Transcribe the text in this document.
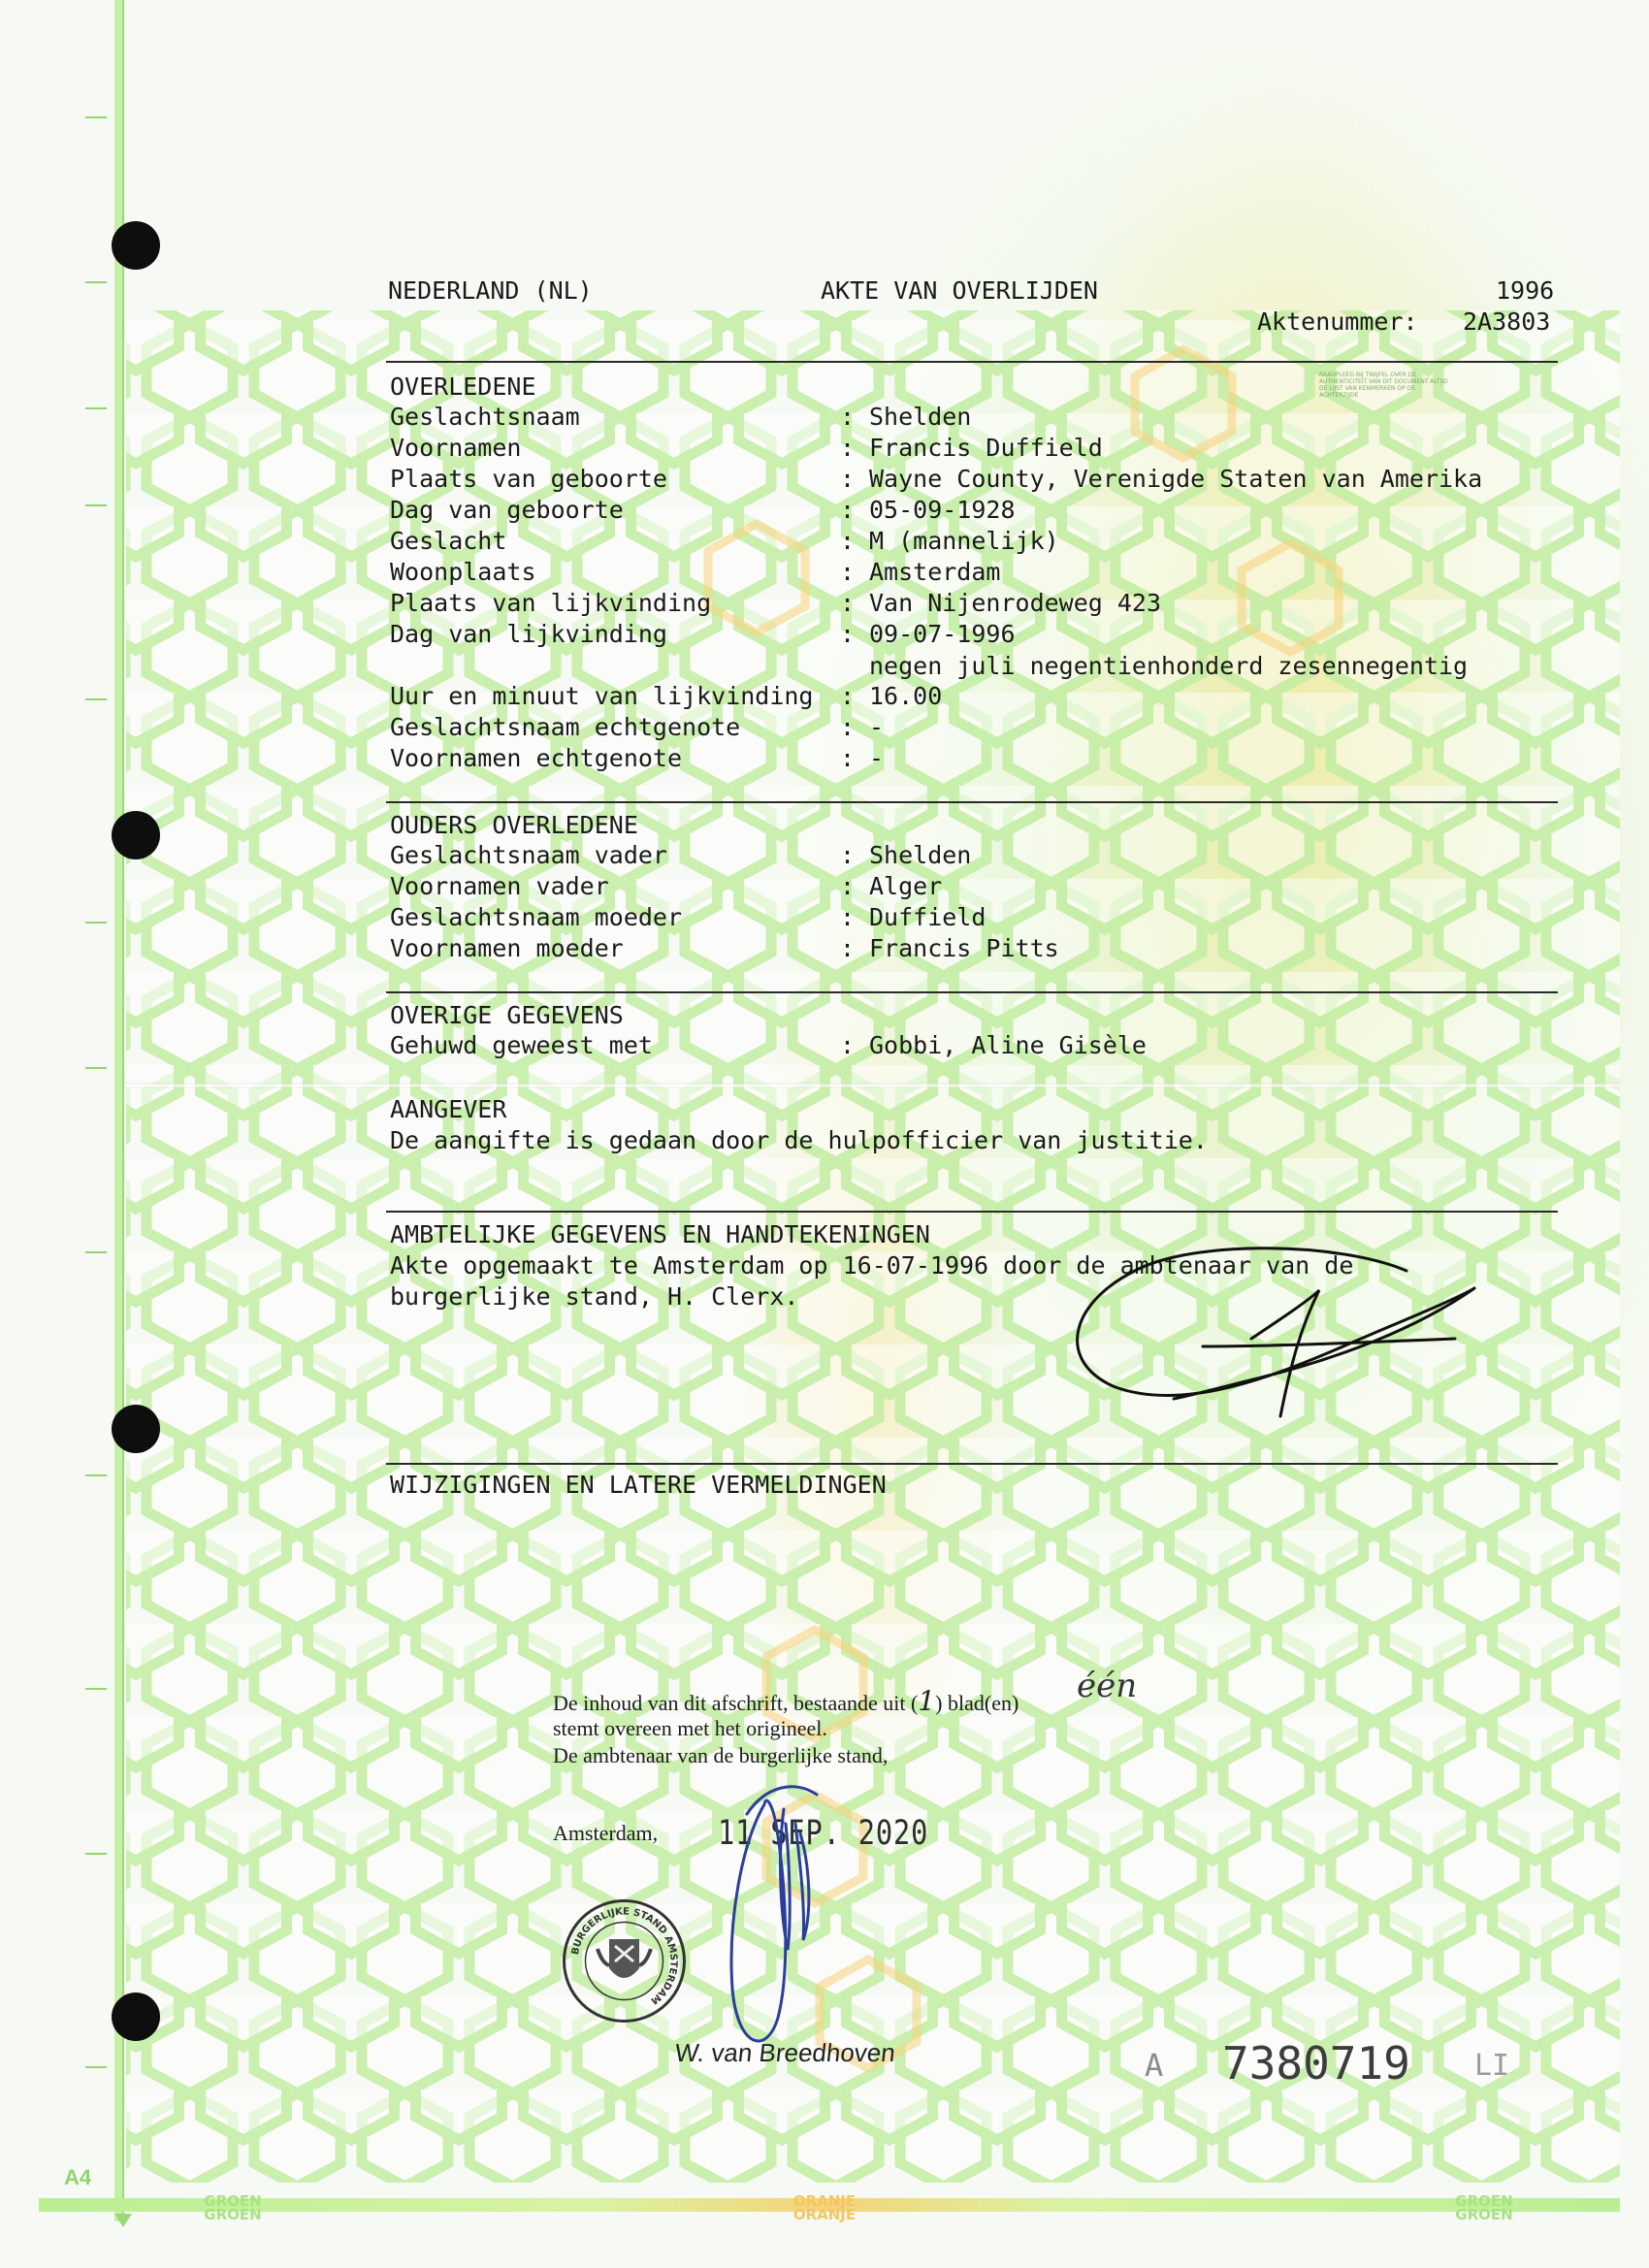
NEDERLAND (NL)	AKTE VAN OVERLIJDEN	1996
Aktenummer: 2A3803
RAADPLEEG BIJ TWIJFEL OVER DE AUTHENTICITEIT VAN DIT DOCUMENT ALTIJD DE LIJST VAN KENMERKEN OP DE ACHTERZIJDE
OVERLEDENE
Geslachtsnaam	: Shelden
Voornamen	: Francis Duffield
Plaats van geboorte	: Wayne County, Verenigde Staten van Amerika
Dag van geboorte	: 05-09-1928
Geslacht	: M (mannelijk)
Woonplaats	: Amsterdam
Plaats van lijkvinding	: Van Nijenrodeweg 423
Dag van lijkvinding	: 09-07-1996
negen juli negentienhonderd zesennegentig
Uur en minuut van lijkvinding : 16.00
Geslachtsnaam echtgenote	: -
Voornamen echtgenote	: -
OUDERS OVERLEDENE
Geslachtsnaam vader	: Shelden
Voornamen vader	: Alger
Geslachtsnaam moeder	: Duffield
Voornamen moeder	: Francis Pitts
OVERIGE GEGEVENS
Gehuwd geweest met	: Gobbi, Aline Gisèle
AANGEVER
De aangifte is gedaan door de hulpofficier van justitie.
AMBTELIJKE GEGEVENS EN HANDTEKENINGEN
Akte opgemaakt te Amsterdam op 16-07-1996 door de ambtenaar van de
burgerlijke stand, H. Clerx.
WIJZIGINGEN EN LATERE VERMELDINGEN
De inhoud van dit afschrift, bestaande uit (1) blad(en) één
stemt overeen met het origineel.
De ambtenaar van de burgerlijke stand,
Amsterdam, 11 SEP. 2020
BURGERLIJKE STAND AMSTERDAM
W. van Breedhoven	A 7380719 LI
A4
GROEN
GROEN
ORANJE
ORANJE
GROEN
GROEN
